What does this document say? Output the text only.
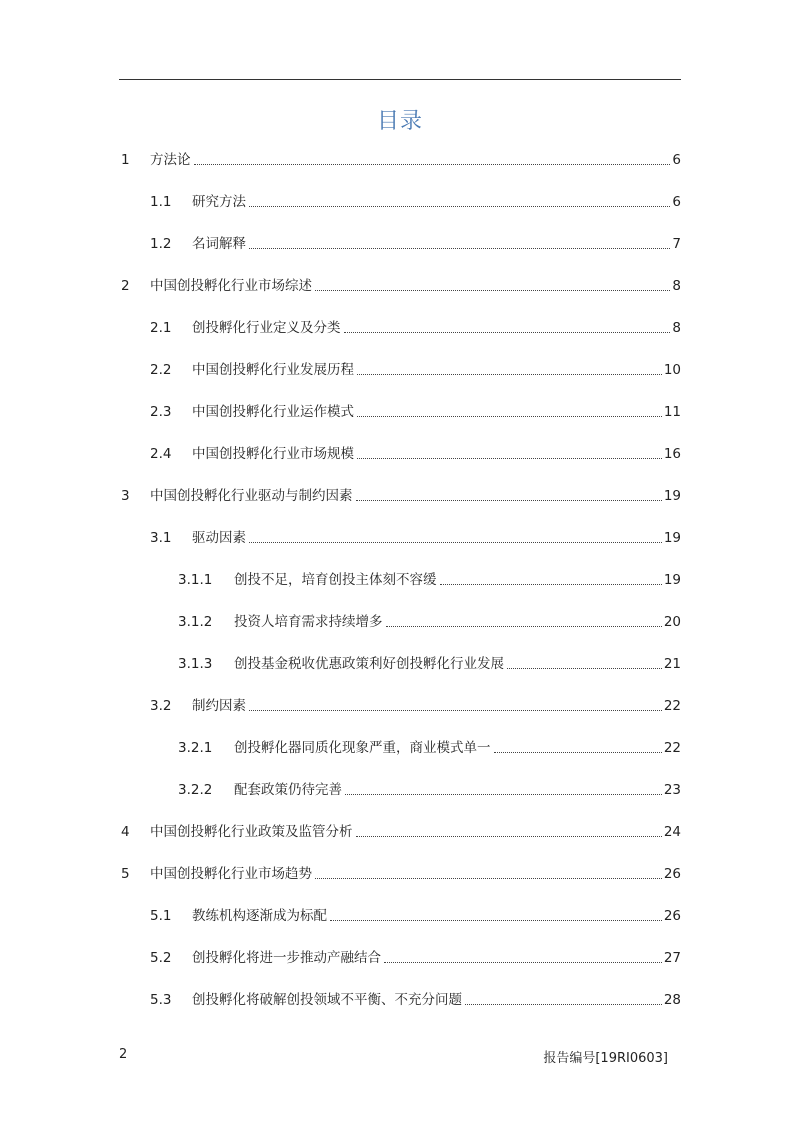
目录
1	方法论	6
1.1	研究方法	6
1.2	名词解释	7
2	中国创投孵化行业市场综述	8
2.1	创投孵化行业定义及分类	8
2.2	中国创投孵化行业发展历程	10
2.3	中国创投孵化行业运作模式	11
2.4	中国创投孵化行业市场规模	16
3	中国创投孵化行业驱动与制约因素	19
3.1	驱动因素	19
3.1.1	创投不足，培育创投主体刻不容缓	19
3.1.2	投资人培育需求持续增多	20
3.1.3	创投基金税收优惠政策利好创投孵化行业发展	21
3.2	制约因素	22
3.2.1	创投孵化器同质化现象严重，商业模式单一	22
3.2.2	配套政策仍待完善	23
4	中国创投孵化行业政策及监管分析	24
5	中国创投孵化行业市场趋势	26
5.1	教练机构逐渐成为标配	26
5.2	创投孵化将进一步推动产融结合	27
5.3	创投孵化将破解创投领域不平衡、不充分问题	28
2	报告编号[19RI0603]
